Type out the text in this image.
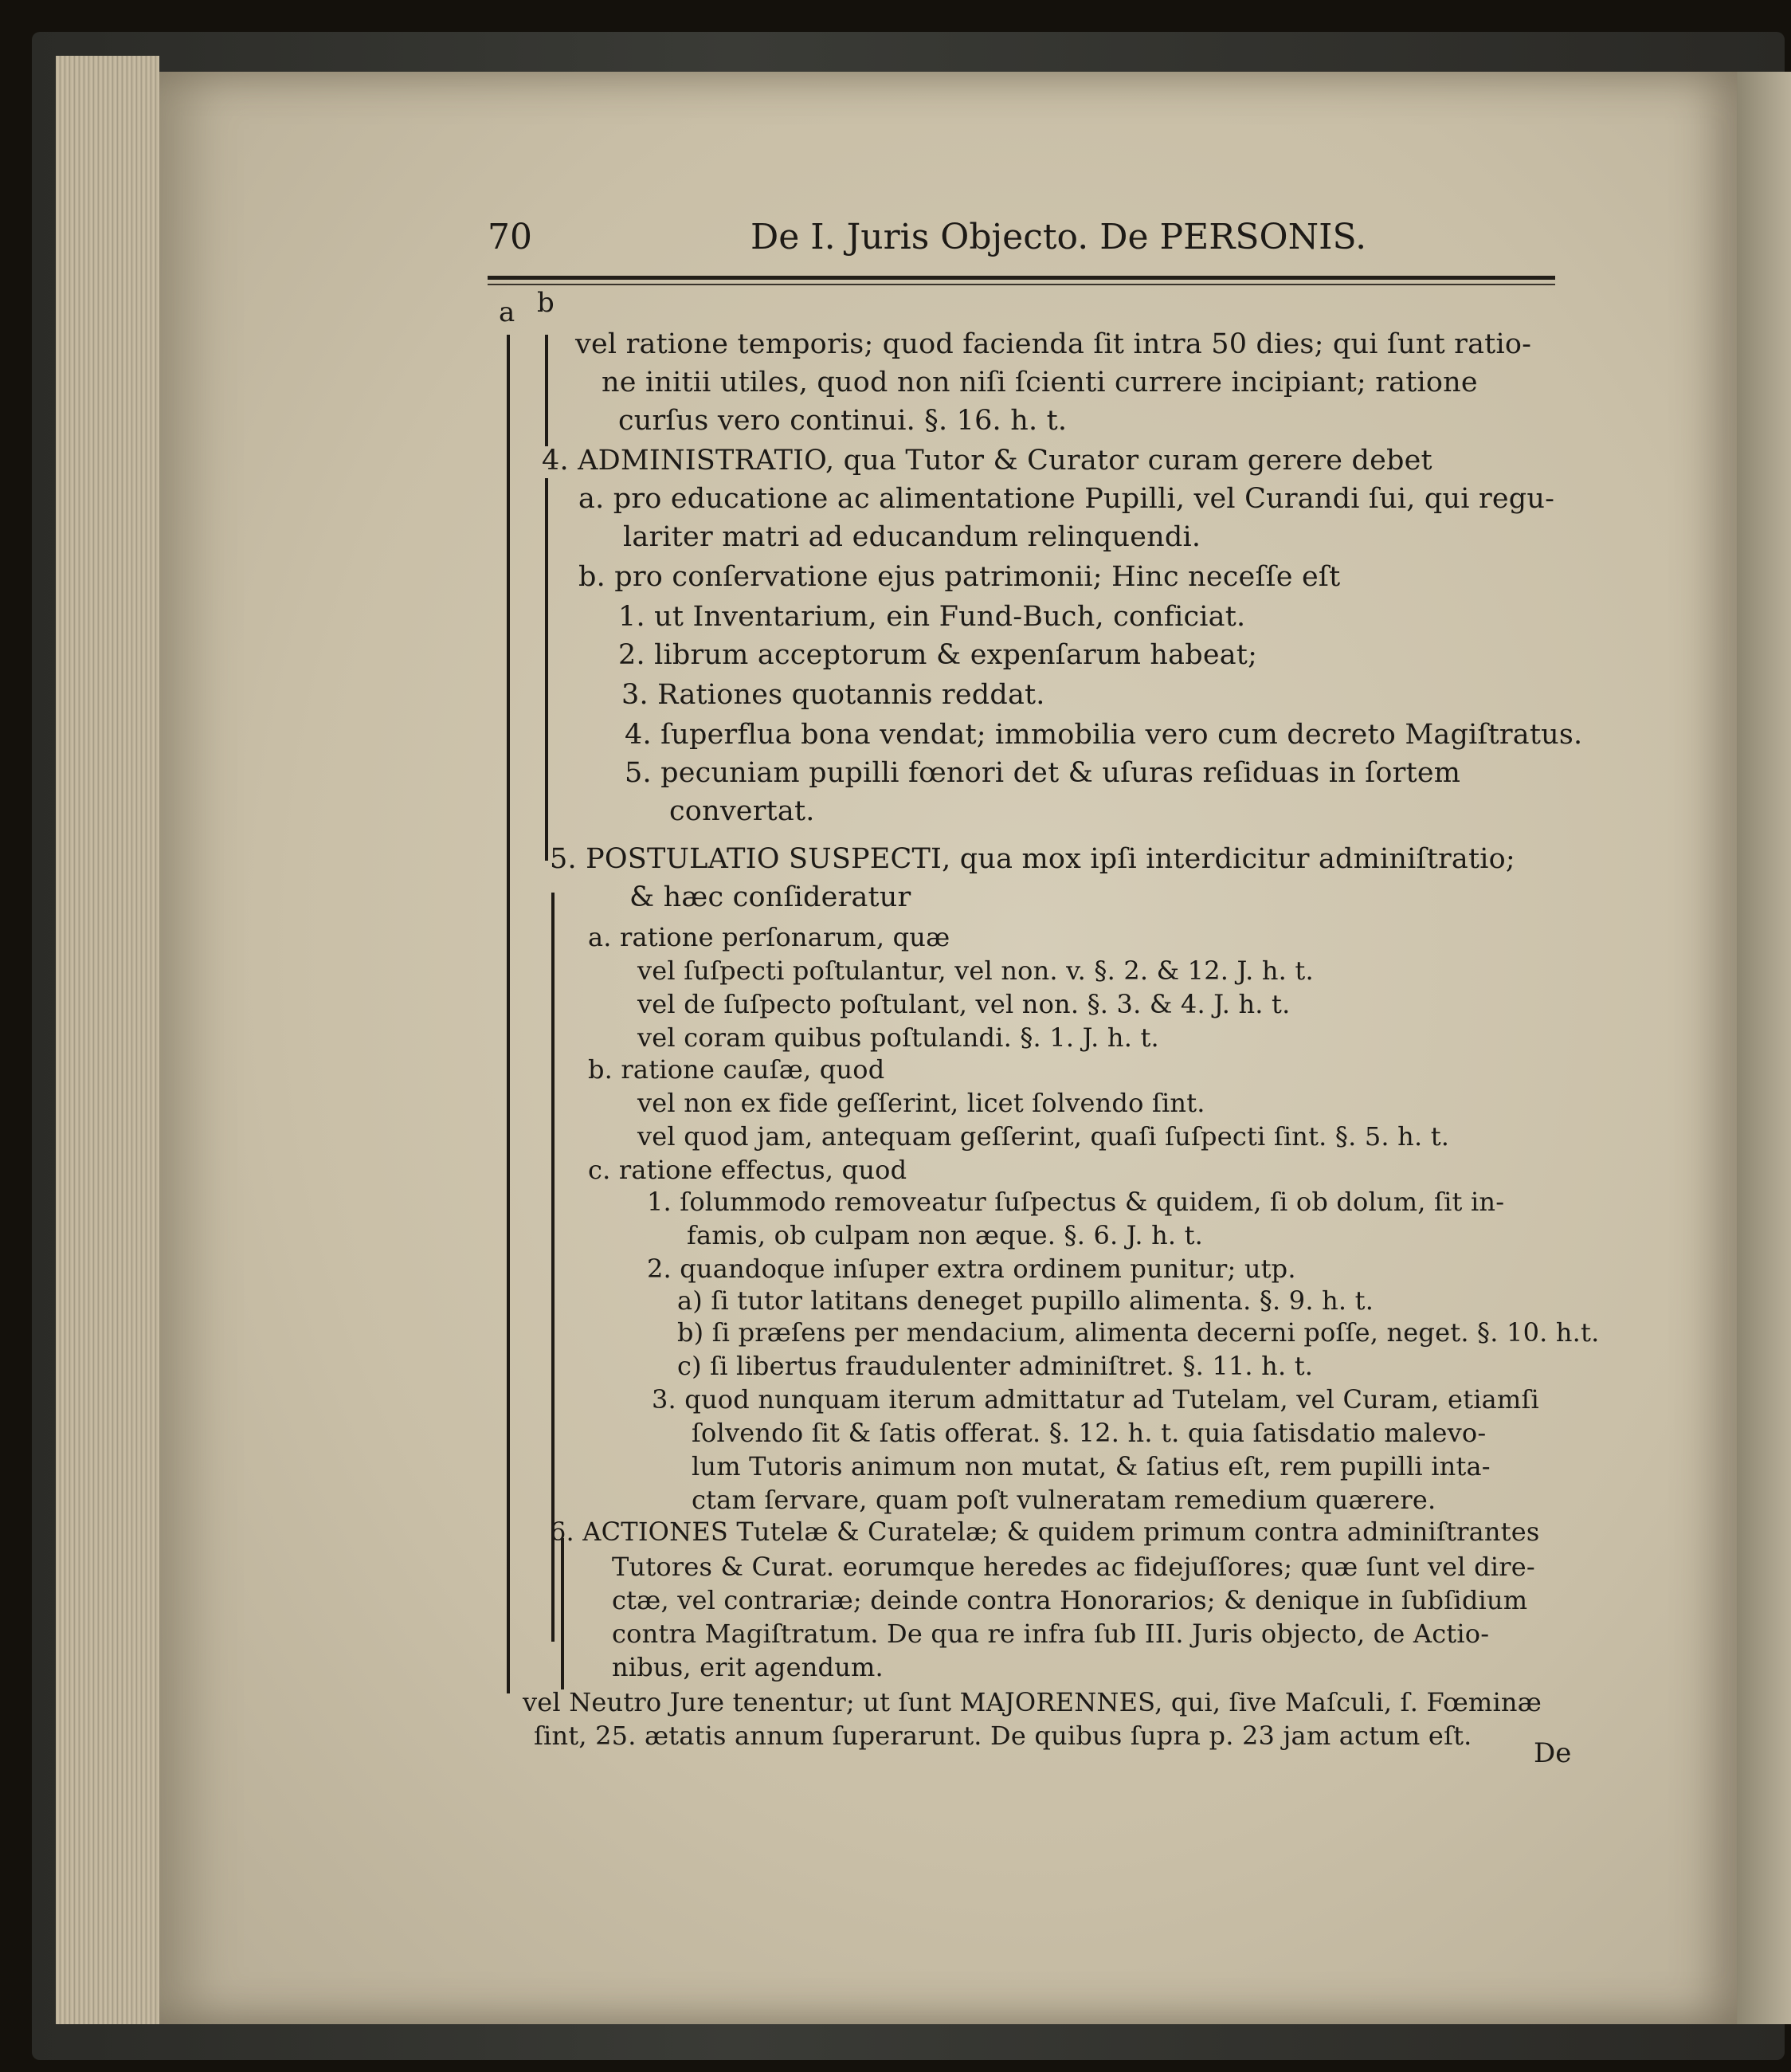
70	De I. Juris Objecto. De PERSONIS.
a b
vel ratione temporis; quod facienda ſit intra 50 dies; qui ſunt ratio-
ne initii utiles, quod non niſi ſcienti currere incipiant; ratione
curſus vero continui. §. 16. h. t.
4. ADMINISTRATIO, qua Tutor & Curator curam gerere debet
a. pro educatione ac alimentatione Pupilli, vel Curandi ſui, qui regu-
lariter matri ad educandum relinquendi.
b. pro conſervatione ejus patrimonii; Hinc neceſſe eſt
1. ut Inventarium, ein Fund-Buch, conficiat.
2. librum acceptorum & expenſarum habeat;
3. Rationes quotannis reddat.
4. ſuperflua bona vendat; immobilia vero cum decreto Magiſtratus.
5. pecuniam pupilli fœnori det & uſuras reſiduas in ſortem
convertat.
5. POSTULATIO SUSPECTI, qua mox ipſi interdicitur adminiſtratio;
& hæc conſideratur
a. ratione perſonarum, quæ
vel ſuſpecti poſtulantur, vel non. v. §. 2. & 12. J. h. t.
vel de ſuſpecto poſtulant, vel non. §. 3. & 4. J. h. t.
vel coram quibus poſtulandi. §. 1. J. h. t.
b. ratione cauſæ, quod
vel non ex fide geſſerint, licet ſolvendo ſint.
vel quod jam, antequam geſſerint, quaſi ſuſpecti ſint. §. 5. h. t.
c. ratione effectus, quod
1. ſolummodo removeatur ſuſpectus & quidem, ſi ob dolum, ſit in-
famis, ob culpam non æque. §. 6. J. h. t.
2. quandoque inſuper extra ordinem punitur; utp.
a) ſi tutor latitans deneget pupillo alimenta. §. 9. h. t.
b) ſi præſens per mendacium, alimenta decerni poſſe, neget. §. 10. h.t.
c) ſi libertus fraudulenter adminiſtret. §. 11. h. t.
3. quod nunquam iterum admittatur ad Tutelam, vel Curam, etiamſi
ſolvendo ſit & ſatis offerat. §. 12. h. t. quia ſatisdatio malevo-
lum Tutoris animum non mutat, & ſatius eſt, rem pupilli inta-
ctam ſervare, quam poſt vulneratam remedium quærere.
6. ACTIONES Tutelæ & Curatelæ; & quidem primum contra adminiſtrantes
Tutores & Curat. eorumque heredes ac fidejuſſores; quæ ſunt vel dire-
ctæ, vel contrariæ; deinde contra Honorarios; & denique in ſubſidium
contra Magiſtratum. De qua re infra ſub III. Juris objecto, de Actio-
nibus, erit agendum.
vel Neutro Jure tenentur; ut ſunt MAJORENNES, qui, ſive Maſculi, ſ. Fœminæ
ſint, 25. ætatis annum ſuperarunt. De quibus ſupra p. 23 jam actum eſt.
De
